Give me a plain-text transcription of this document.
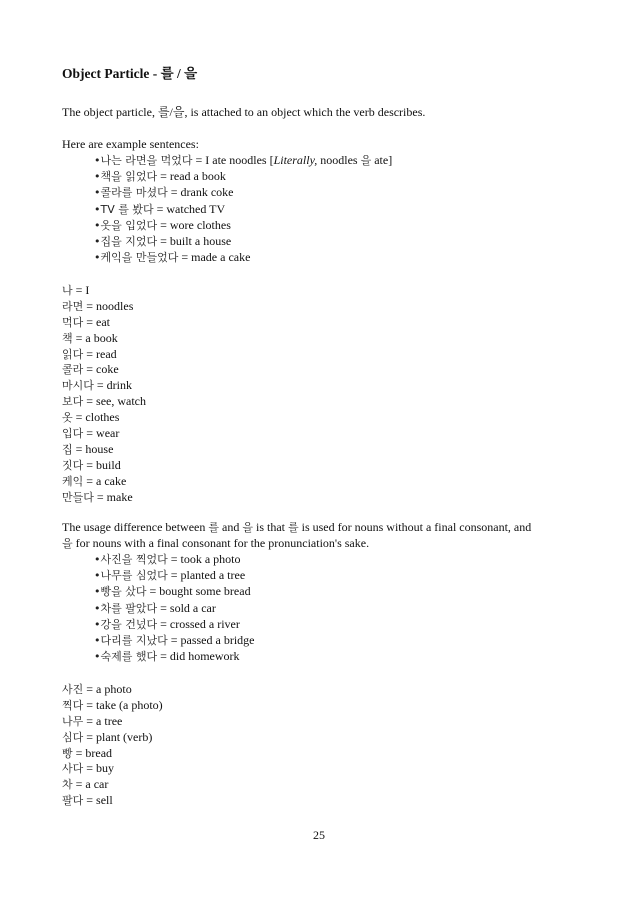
Object Particle - 를 / 을
The object particle, 를/을, is attached to an object which the verb describes.
Here are example sentences:
•나는 라면을 먹었다 = I ate noodles [Literally, noodles 을 ate]
•책을 읽었다 = read a book
•콜라를 마셨다 = drank coke
•TV 를 봤다 = watched TV
•옷을 입었다 = wore clothes
•집을 지었다 = built a house
•케익을 만들었다 = made a cake
나 = I
라면 = noodles
먹다 = eat
책 = a book
읽다 = read
콜라 = coke
마시다 = drink
보다 = see, watch
옷 = clothes
입다 = wear
집 = house
짓다 = build
케익 = a cake
만들다 = make
The usage difference between 를 and 을 is that 를 is used for nouns without a final consonant, and
을 for nouns with a final consonant for the pronunciation's sake.
•사진을 찍었다 = took a photo
•나무를 심었다 = planted a tree
•빵을 샀다 = bought some bread
•차를 팔았다 = sold a car
•강을 건넜다 = crossed a river
•다리를 지났다 = passed a bridge
•숙제를 했다 = did homework
사진 = a photo
찍다 = take (a photo)
나무 = a tree
심다 = plant (verb)
빵 = bread
사다 = buy
차 = a car
팔다 = sell
25
